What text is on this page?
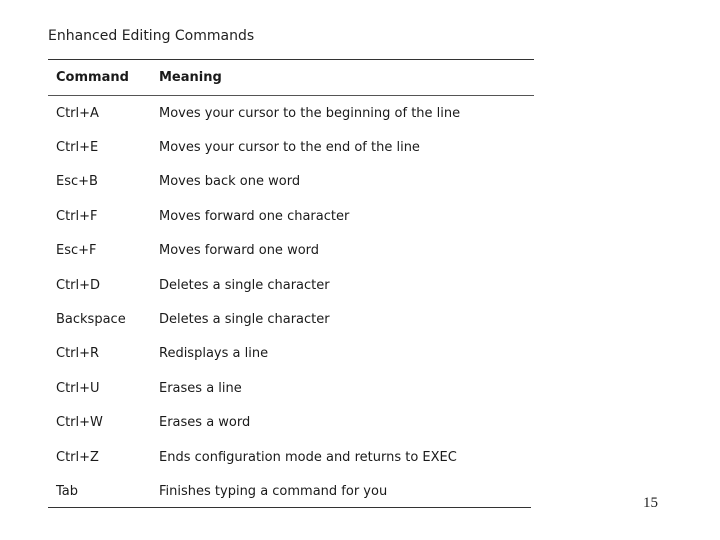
Enhanced Editing Commands
Command	Meaning
Ctrl+A	Moves your cursor to the beginning of the line
Ctrl+E	Moves your cursor to the end of the line
Esc+B	Moves back one word
Ctrl+F	Moves forward one character
Esc+F	Moves forward one word
Ctrl+D	Deletes a single character
Backspace	Deletes a single character
Ctrl+R	Redisplays a line
Ctrl+U	Erases a line
Ctrl+W	Erases a word
Ctrl+Z	Ends configuration mode and returns to EXEC
Tab	Finishes typing a command for you
15
